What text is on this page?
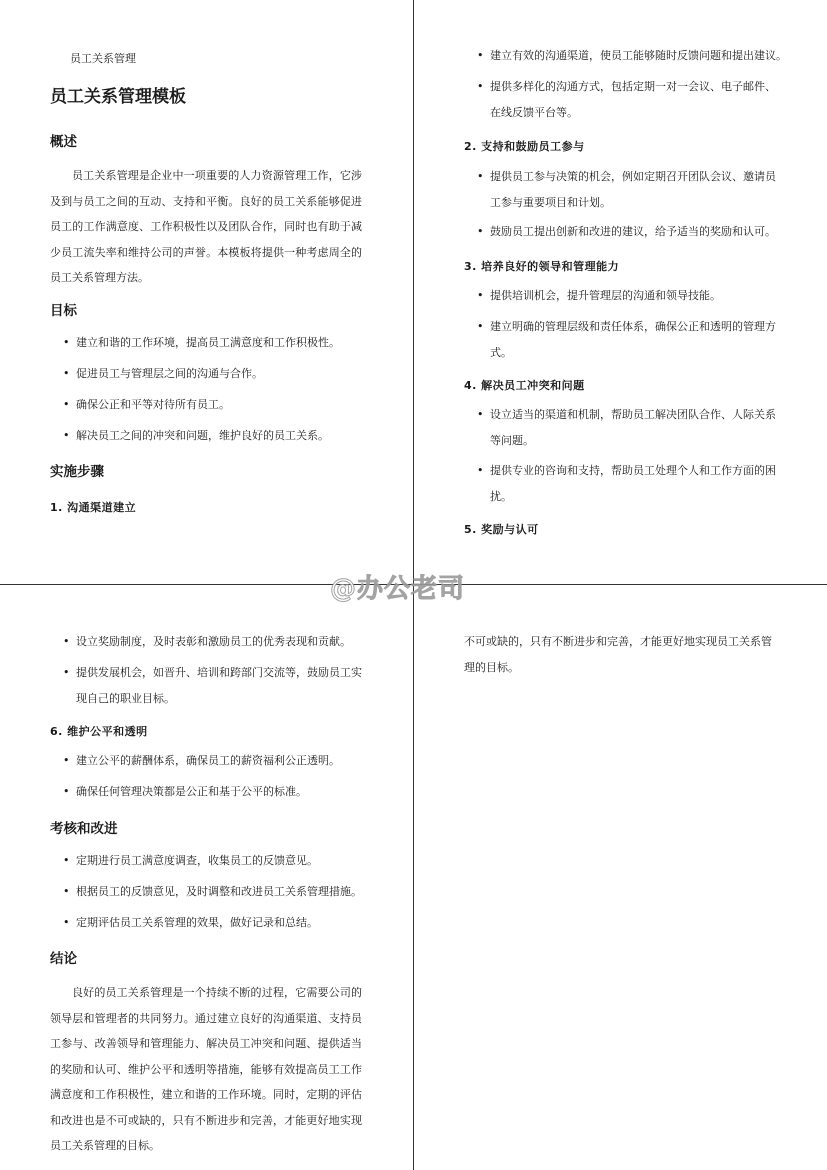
员工关系管理
员工关系管理模板
概述
员工关系管理是企业中一项重要的人力资源管理工作，它涉及到与员工之间的互动、支持和平衡。良好的员工关系能够促进员工的工作满意度、工作积极性以及团队合作，同时也有助于减少员工流失率和维持公司的声誉。本模板将提供一种考虑周全的员工关系管理方法。
目标
• 建立和谐的工作环境，提高员工满意度和工作积极性。
• 促进员工与管理层之间的沟通与合作。
• 确保公正和平等对待所有员工。
• 解决员工之间的冲突和问题，维护良好的员工关系。
实施步骤
1. 沟通渠道建立
• 建立有效的沟通渠道，使员工能够随时反馈问题和提出建议。
• 提供多样化的沟通方式，包括定期一对一会议、电子邮件、在线反馈平台等。
2. 支持和鼓励员工参与
• 提供员工参与决策的机会，例如定期召开团队会议、邀请员工参与重要项目和计划。
• 鼓励员工提出创新和改进的建议，给予适当的奖励和认可。
3. 培养良好的领导和管理能力
• 提供培训机会，提升管理层的沟通和领导技能。
• 建立明确的管理层级和责任体系，确保公正和透明的管理方式。
4. 解决员工冲突和问题
• 设立适当的渠道和机制，帮助员工解决团队合作、人际关系等问题。
• 提供专业的咨询和支持，帮助员工处理个人和工作方面的困扰。
5. 奖励与认可
• 设立奖励制度，及时表彰和激励员工的优秀表现和贡献。
• 提供发展机会，如晋升、培训和跨部门交流等，鼓励员工实现自己的职业目标。
6. 维护公平和透明
• 建立公平的薪酬体系，确保员工的薪资福利公正透明。
• 确保任何管理决策都是公正和基于公平的标准。
考核和改进
• 定期进行员工满意度调查，收集员工的反馈意见。
• 根据员工的反馈意见，及时调整和改进员工关系管理措施。
• 定期评估员工关系管理的效果，做好记录和总结。
结论
良好的员工关系管理是一个持续不断的过程，它需要公司的领导层和管理者的共同努力。通过建立良好的沟通渠道、支持员工参与、改善领导和管理能力、解决员工冲突和问题、提供适当的奖励和认可、维护公平和透明等措施，能够有效提高员工工作满意度和工作积极性，建立和谐的工作环境。同时，定期的评估和改进也是不可或缺的，只有不断进步和完善，才能更好地实现员工关系管理的目标。
不可或缺的，只有不断进步和完善，才能更好地实现员工关系管理的目标。
@办公老司
